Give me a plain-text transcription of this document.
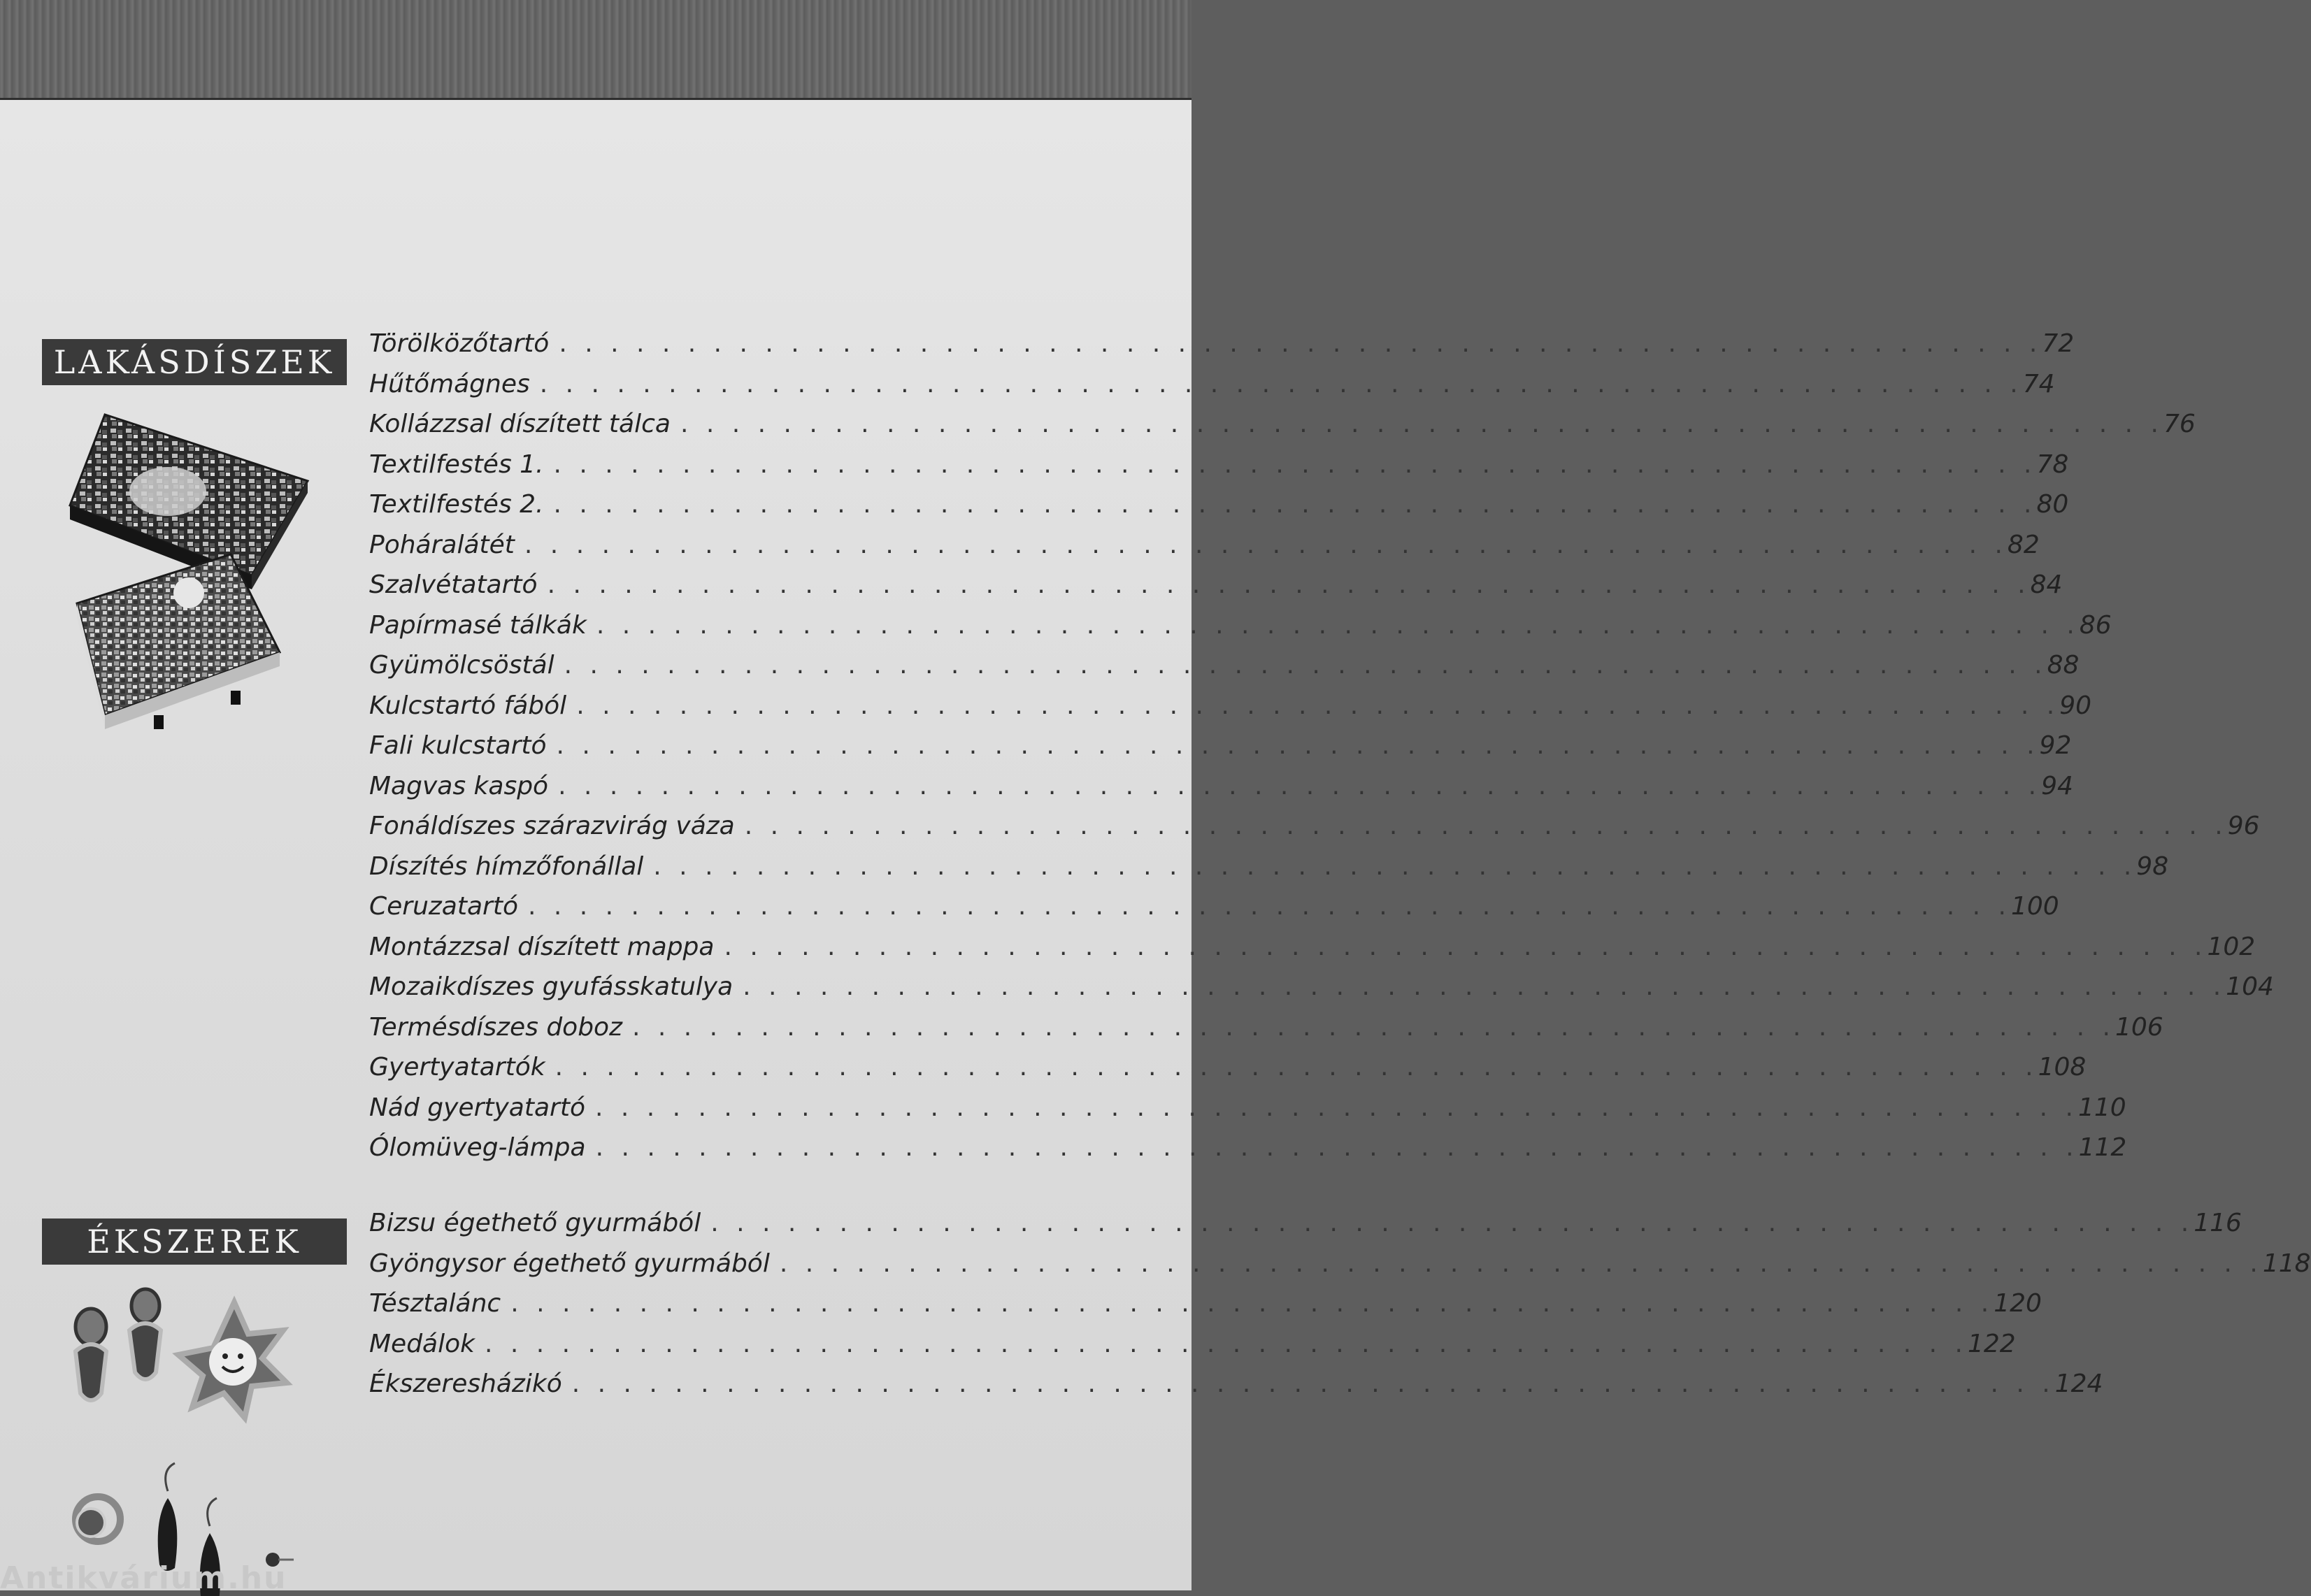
LAKÁSDÍSZEK	Törölközőtartó . . . . . . . . . . . . . . . . . . . . . . . . . . . . . . . . . . . . . . . . . . . . . . . . . . . . . . . . . . 72
Hűtőmágnes . . . . . . . . . . . . . . . . . . . . . . . . . . . . . . . . . . . . . . . . . . . . . . . . . . . . . . . . . . 74
Kollázzsal díszített tálca . . . . . . . . . . . . . . . . . . . . . . . . . . . . . . . . . . . . . . . . . . . . . . . . . . . . . . . . . . 76
Textilfestés 1. . . . . . . . . . . . . . . . . . . . . . . . . . . . . . . . . . . . . . . . . . . . . . . . . . . . . . . . . . . 78
Textilfestés 2. . . . . . . . . . . . . . . . . . . . . . . . . . . . . . . . . . . . . . . . . . . . . . . . . . . . . . . . . . . 80
Poháralátét . . . . . . . . . . . . . . . . . . . . . . . . . . . . . . . . . . . . . . . . . . . . . . . . . . . . . . . . . . 82
Szalvétatartó . . . . . . . . . . . . . . . . . . . . . . . . . . . . . . . . . . . . . . . . . . . . . . . . . . . . . . . . . . 84
Papírmasé tálkák . . . . . . . . . . . . . . . . . . . . . . . . . . . . . . . . . . . . . . . . . . . . . . . . . . . . . . . . . . 86
Gyümölcsöstál . . . . . . . . . . . . . . . . . . . . . . . . . . . . . . . . . . . . . . . . . . . . . . . . . . . . . . . . . . 88
Kulcstartó fából . . . . . . . . . . . . . . . . . . . . . . . . . . . . . . . . . . . . . . . . . . . . . . . . . . . . . . . . . . 90
Fali kulcstartó . . . . . . . . . . . . . . . . . . . . . . . . . . . . . . . . . . . . . . . . . . . . . . . . . . . . . . . . . . 92
Magvas kaspó . . . . . . . . . . . . . . . . . . . . . . . . . . . . . . . . . . . . . . . . . . . . . . . . . . . . . . . . . . 94
Fonáldíszes szárazvirág váza . . . . . . . . . . . . . . . . . . . . . . . . . . . . . . . . . . . . . . . . . . . . . . . . . . . . . . . . . . 96
Díszítés hímzőfonállal . . . . . . . . . . . . . . . . . . . . . . . . . . . . . . . . . . . . . . . . . . . . . . . . . . . . . . . . . . 98
Ceruzatartó . . . . . . . . . . . . . . . . . . . . . . . . . . . . . . . . . . . . . . . . . . . . . . . . . . . . . . . . . . 100
Montázzsal díszített mappa . . . . . . . . . . . . . . . . . . . . . . . . . . . . . . . . . . . . . . . . . . . . . . . . . . . . . . . . . . 102
Mozaikdíszes gyufásskatulya . . . . . . . . . . . . . . . . . . . . . . . . . . . . . . . . . . . . . . . . . . . . . . . . . . . . . . . . . . 104
Termésdíszes doboz . . . . . . . . . . . . . . . . . . . . . . . . . . . . . . . . . . . . . . . . . . . . . . . . . . . . . . . . . . 106
Gyertyatartók . . . . . . . . . . . . . . . . . . . . . . . . . . . . . . . . . . . . . . . . . . . . . . . . . . . . . . . . . . 108
Nád gyertyatartó . . . . . . . . . . . . . . . . . . . . . . . . . . . . . . . . . . . . . . . . . . . . . . . . . . . . . . . . . . 110
Ólomüveg-lámpa . . . . . . . . . . . . . . . . . . . . . . . . . . . . . . . . . . . . . . . . . . . . . . . . . . . . . . . . . . 112
ÉKSZEREK	Bizsu égethető gyurmából . . . . . . . . . . . . . . . . . . . . . . . . . . . . . . . . . . . . . . . . . . . . . . . . . . . . . . . . . . 116
Gyöngysor égethető gyurmából . . . . . . . . . . . . . . . . . . . . . . . . . . . . . . . . . . . . . . . . . . . . . . . . . . . . . . . . . . 118
Tésztalánc . . . . . . . . . . . . . . . . . . . . . . . . . . . . . . . . . . . . . . . . . . . . . . . . . . . . . . . . . . 120
Medálok . . . . . . . . . . . . . . . . . . . . . . . . . . . . . . . . . . . . . . . . . . . . . . . . . . . . . . . . . . 122
Ékszeresházikó . . . . . . . . . . . . . . . . . . . . . . . . . . . . . . . . . . . . . . . . . . . . . . . . . . . . . . . . . . 124
Antikvárium.hu
